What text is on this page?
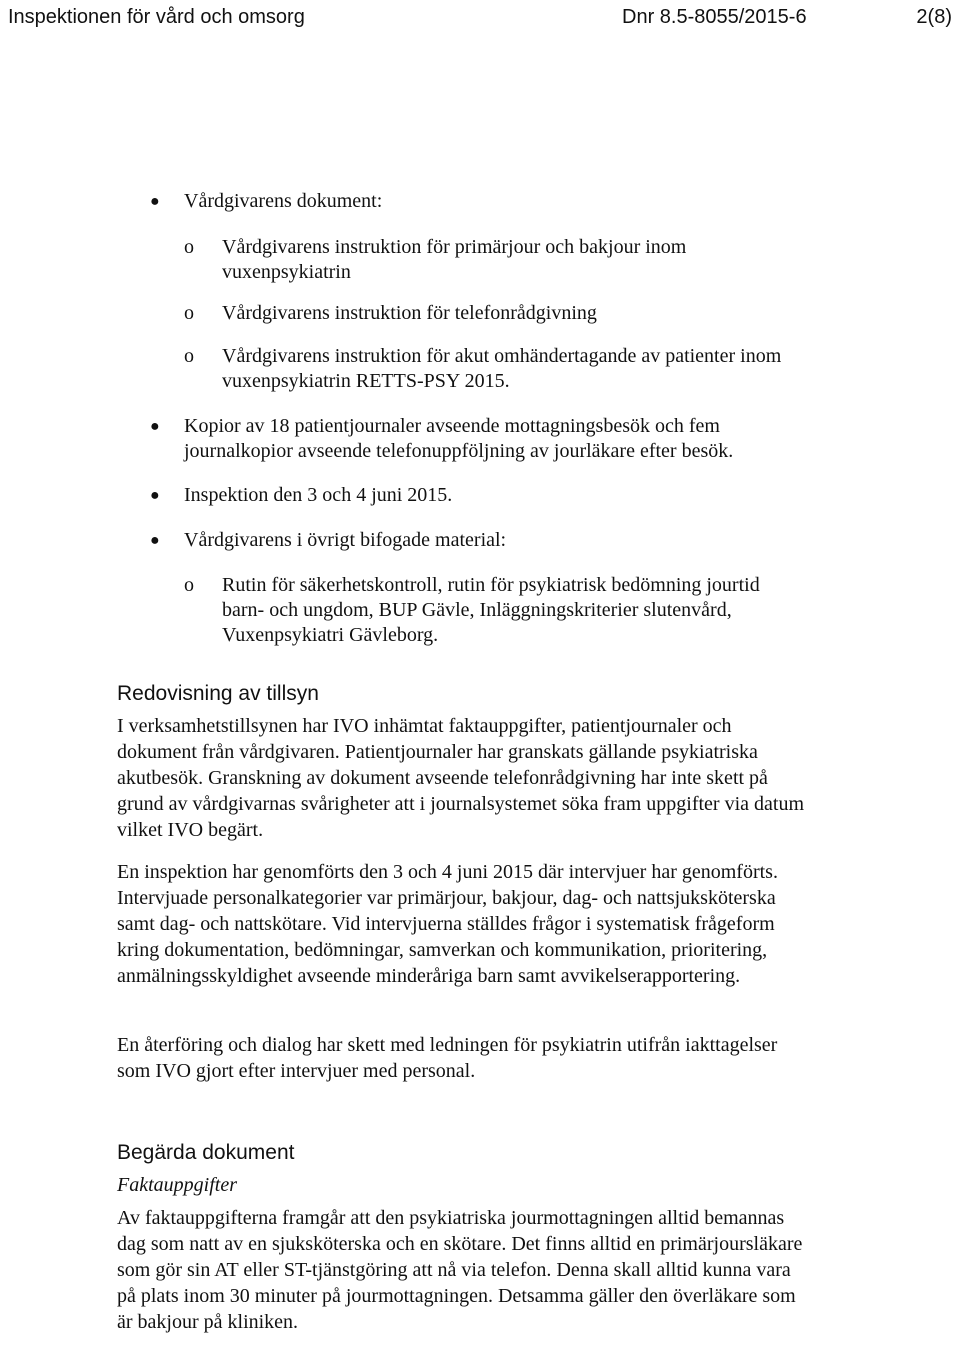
Inspektionen för vård och omsorg	Dnr 8.5-8055/2015-6	2(8)
●	Vårdgivarens dokument:
o	Vårdgivarens instruktion för primärjour och bakjour inom vuxenpsykiatrin
o	Vårdgivarens instruktion för telefonrådgivning
o	Vårdgivarens instruktion för akut omhändertagande av patienter inom vuxenpsykiatrin RETTS-PSY 2015.
●	Kopior av 18 patientjournaler avseende mottagningsbesök och fem journalkopior avseende telefonuppföljning av jourläkare efter besök.
●	Inspektion den 3 och 4 juni 2015.
●	Vårdgivarens i övrigt bifogade material:
o	Rutin för säkerhetskontroll, rutin för psykiatrisk bedömning jourtid barn- och ungdom, BUP Gävle, Inläggningskriterier slutenvård, Vuxenpsykiatri Gävleborg.
Redovisning av tillsyn

I verksamhetstillsynen har IVO inhämtat faktauppgifter, patientjournaler och dokument från vårdgivaren. Patientjournaler har granskats gällande psykiatriska akutbesök. Granskning av dokument avseende telefonrådgivning har inte skett på grund av vårdgivarnas svårigheter att i journalsystemet söka fram uppgifter via datum vilket IVO begärt.

En inspektion har genomförts den 3 och 4 juni 2015 där intervjuer har genomförts. Intervjuade personalkategorier var primärjour, bakjour, dag- och nattsjuksköterska samt dag- och nattskötare. Vid intervjuerna ställdes frågor i systematisk frågeform kring dokumentation, bedömningar, samverkan och kommunikation, prioritering, anmälningsskyldighet avseende minderåriga barn samt avvikelserapportering.

En återföring och dialog har skett med ledningen för psykiatrin utifrån iakttagelser som IVO gjort efter intervjuer med personal.

Begärda dokument

Faktauppgifter

Av faktauppgifterna framgår att den psykiatriska jourmottagningen alltid bemannas dag som natt av en sjuksköterska och en skötare. Det finns alltid en primärjoursläkare som gör sin AT eller ST-tjänstgöring att nå via telefon. Denna skall alltid kunna vara på plats inom 30 minuter på jourmottagningen. Detsamma gäller den överläkare som är bakjour på kliniken.
